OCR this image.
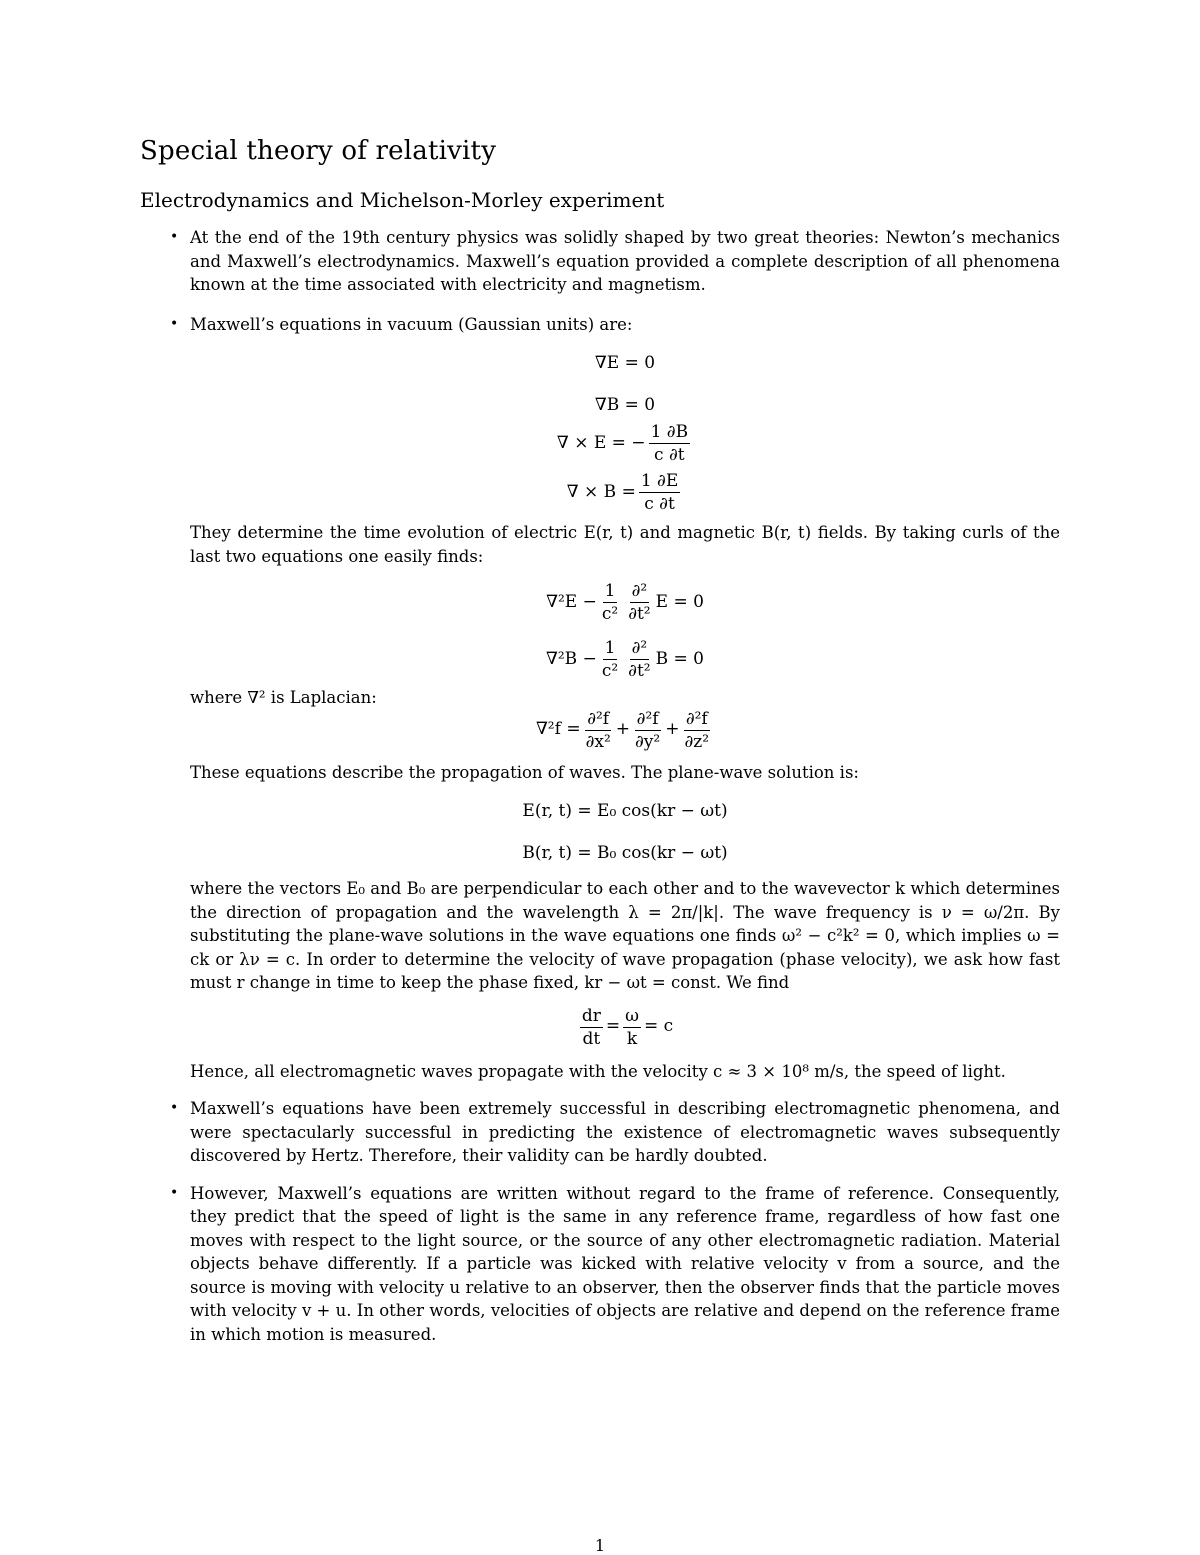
Special theory of relativity
Electrodynamics and Michelson-Morley experiment
• At the end of the 19th century physics was solidly shaped by two great theories: Newton’s mechanics and Maxwell’s electrodynamics. Maxwell’s equation provided a complete description of all phenomena known at the time associated with electricity and magnetism.

• Maxwell’s equations in vacuum (Gaussian units) are:

∇E = 0
∇B = 0
∇ × E = − $\frac{1 \partial B}{c \partial t}$
∇ × $B = \frac{1 \partial E}{c \partial t}$

They determine the time evolution of electric E(r, t) and magnetic B(r, t) fields. By taking curls of the last two equations one easily finds:

$\nabla^2E - \frac{1}{\text{c²}} \frac{\text{∂²}}{\text{∂t²}}$ E = 0
$\nabla^2B - \frac{1}{\text{c²}} \frac{\text{∂²}}{\text{∂t²}}$ B = 0

where ∇² is Laplacian:

$\nabla^2f = \frac{\text{∂²f}}{\text{∂x²}} + \frac{\text{∂²f}}{\text{∂y²}} + \frac{\text{∂²f}}{\text{∂z²}}$

These equations describe the propagation of waves. The plane-wave solution is:

E(r, t) = E₀ cos(kr − ωt)
B(r, t) = B₀ cos(kr − ωt)

where the vectors E₀ and B₀ are perpendicular to each other and to the wavevector k which determines the direction of propagation and the wavelength λ = 2π/|k|. The wave frequency is ν = ω/2π. By substituting the plane-wave solutions in the wave equations one finds ω² − c²k² = 0, which implies ω = ck or λν = c. In order to determine the velocity of wave propagation (phase velocity), we ask how fast must r change in time to keep the phase fixed, kr − ωt = const. We find

$\frac{dr}{dt} = \frac{\omega}{k} = c$

Hence, all electromagnetic waves propagate with the velocity c ≈ 3 × 10⁸ m/s, the speed of light.

• Maxwell’s equations have been extremely successful in describing electromagnetic phenomena, and were spectacularly successful in predicting the existence of electromagnetic waves subsequently discovered by Hertz. Therefore, their validity can be hardly doubted.

• However, Maxwell’s equations are written without regard to the frame of reference. Consequently, they predict that the speed of light is the same in any reference frame, regardless of how fast one moves with respect to the light source, or the source of any other electromagnetic radiation. Material objects behave differently. If a particle was kicked with relative velocity v from a source, and the source is moving with velocity u relative to an observer, then the observer finds that the particle moves with velocity v + u. In other words, velocities of objects are relative and depend on the reference frame in which motion is measured.

1
